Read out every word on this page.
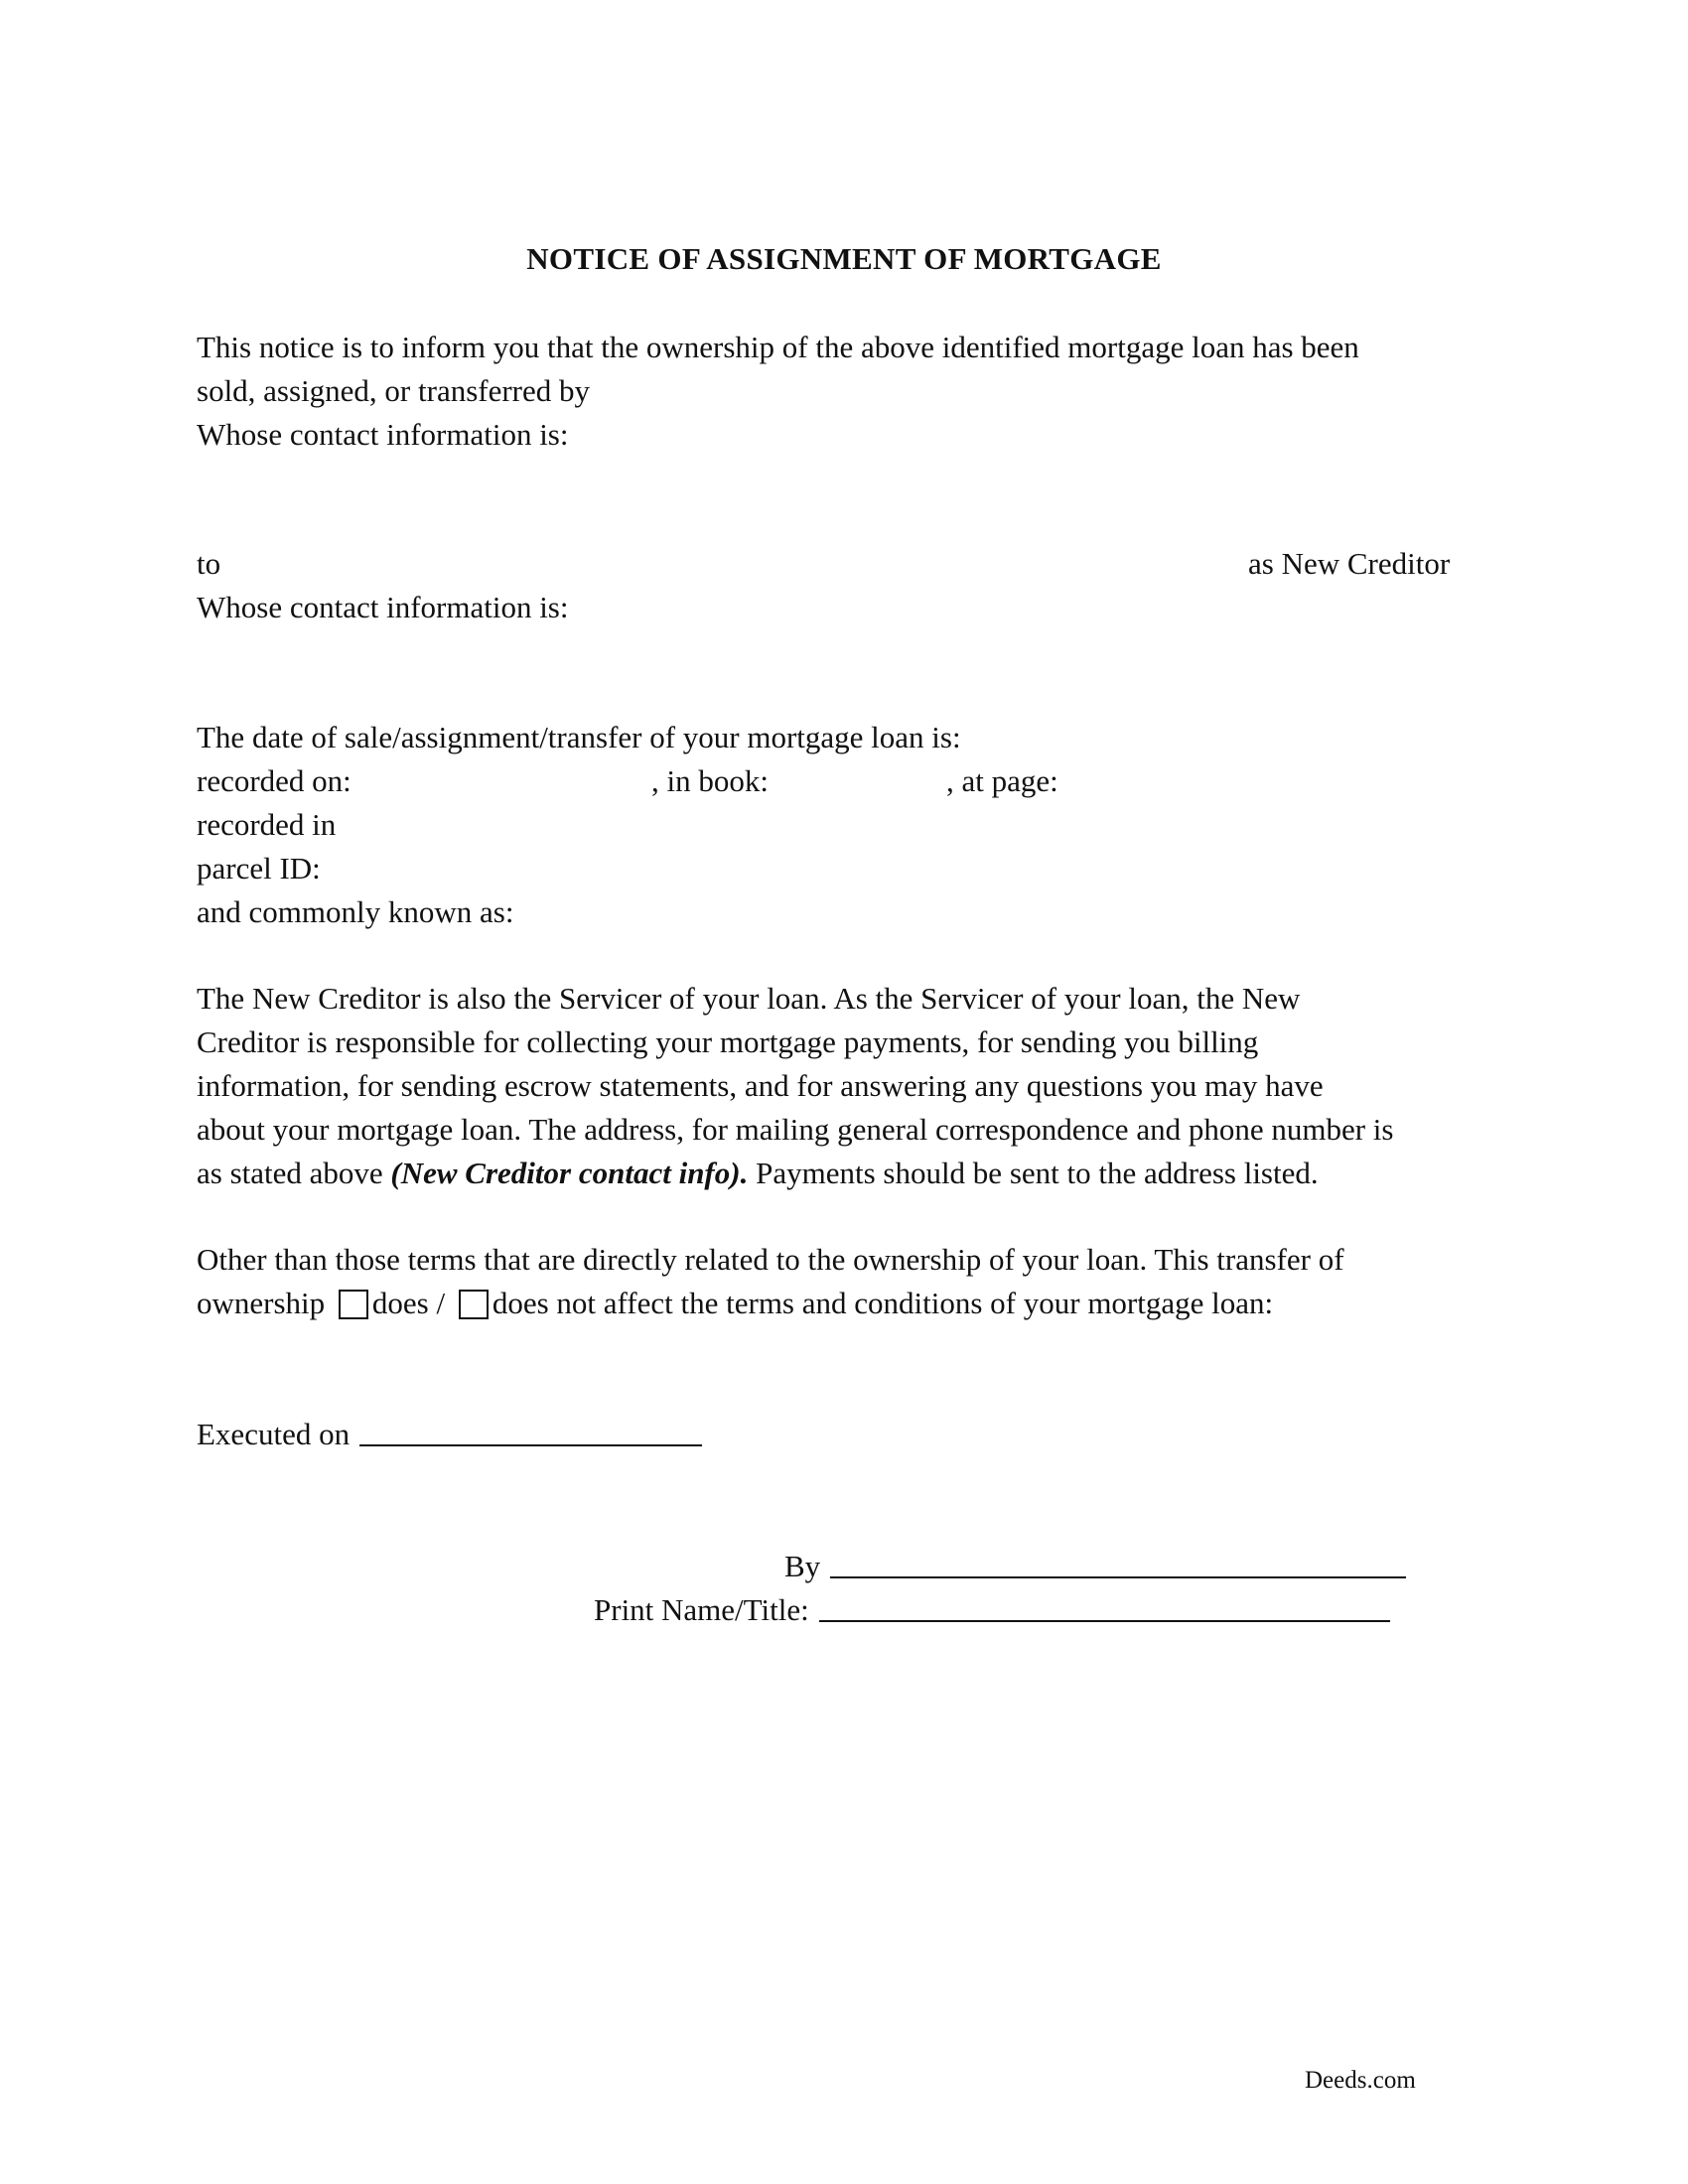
NOTICE OF ASSIGNMENT OF MORTGAGE
This notice is to inform you that the ownership of the above identified mortgage loan has been
sold, assigned, or transferred by
Whose contact information is:
to	as New Creditor
Whose contact information is:
The date of sale/assignment/transfer of your mortgage loan is:
recorded on:	, in book:	, at page:
recorded in
parcel ID:
and commonly known as:
The New Creditor is also the Servicer of your loan. As the Servicer of your loan, the New
Creditor is responsible for collecting your mortgage payments, for sending you billing
information, for sending escrow statements, and for answering any questions you may have
about your mortgage loan. The address, for mailing general correspondence and phone number is
as stated above (New Creditor contact info). Payments should be sent to the address listed.
Other than those terms that are directly related to the ownership of your loan. This transfer of
ownership does / does not affect the terms and conditions of your mortgage loan:
Executed on
By
Print Name/Title:
Deeds.com
